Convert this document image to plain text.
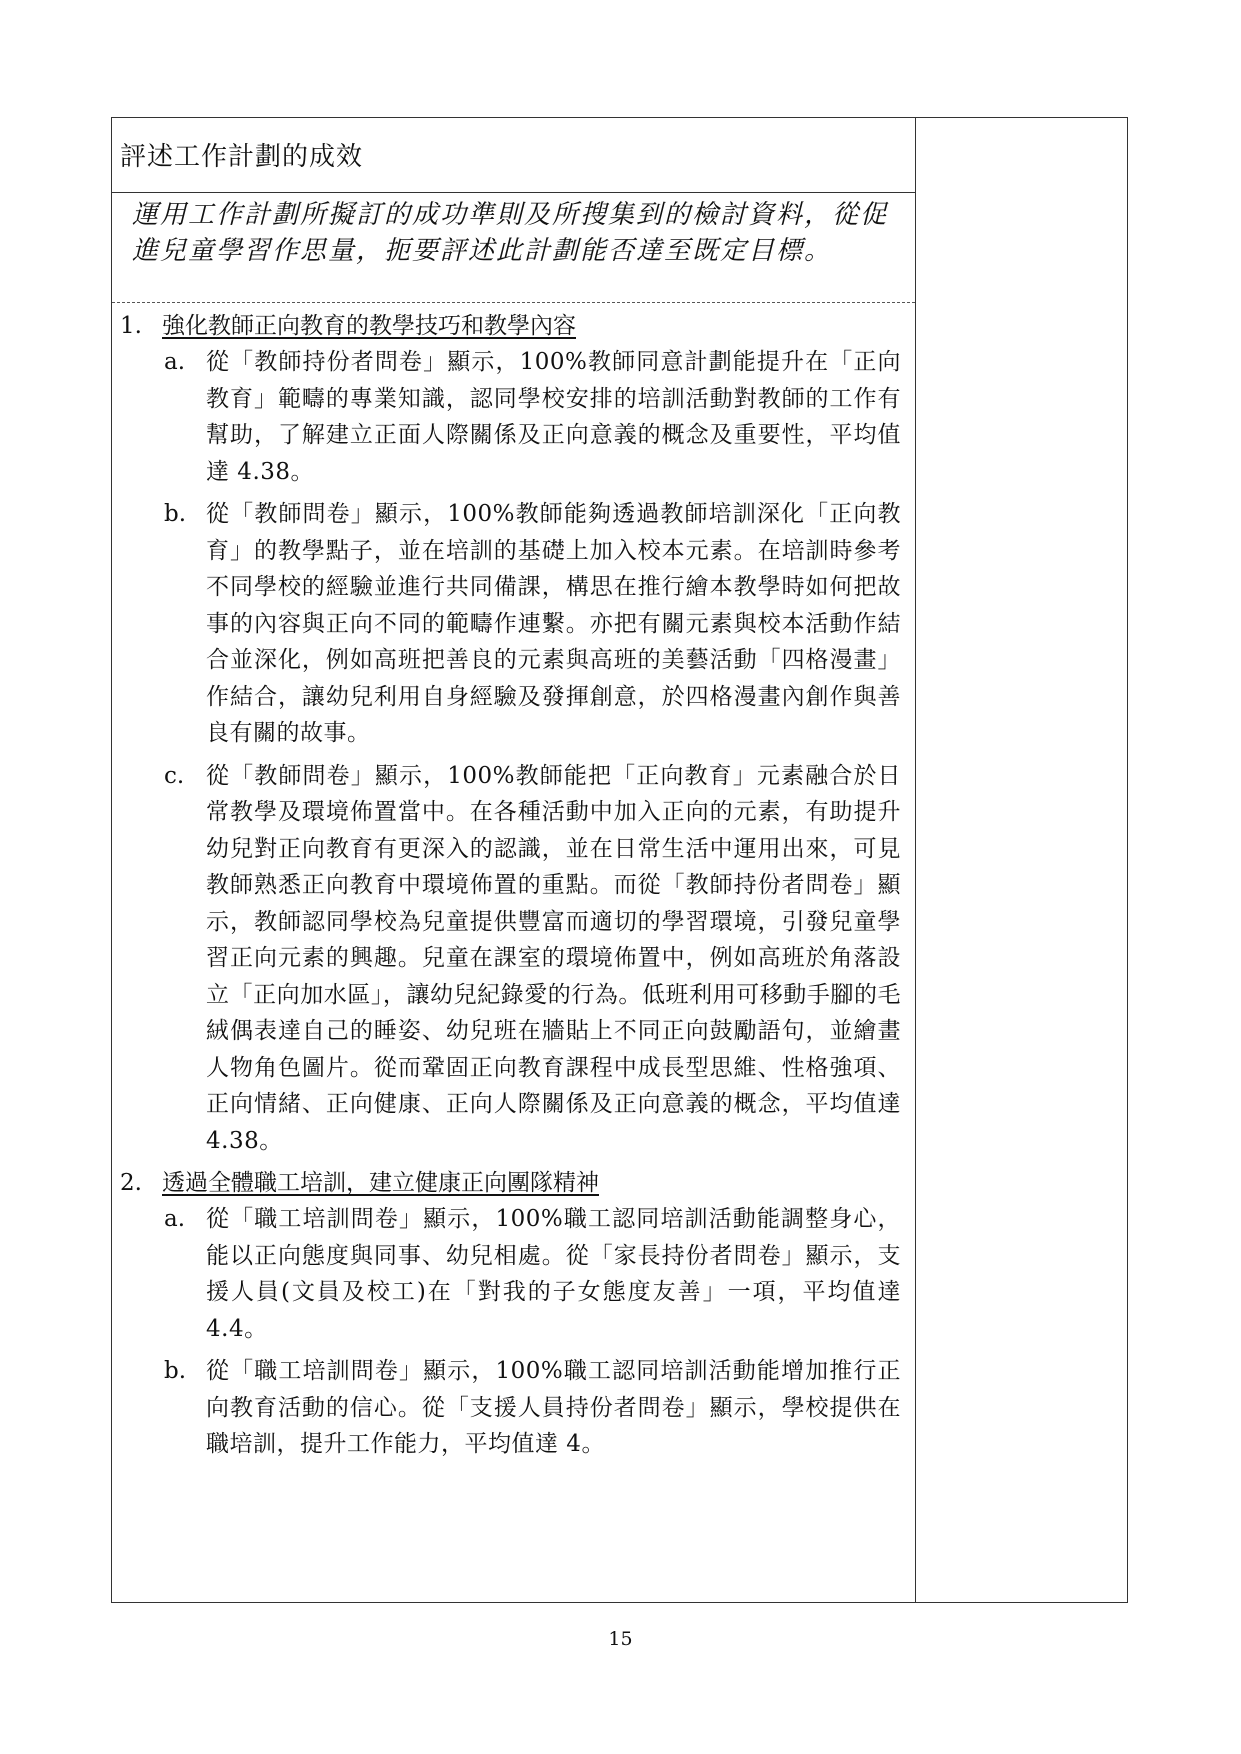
評述工作計劃的成效
運用工作計劃所擬訂的成功準則及所搜集到的檢討資料，從促進兒童學習作思量，扼要評述此計劃能否達至既定目標。
1. 強化教師正向教育的教學技巧和教學內容
a. 從「教師持份者問卷」顯示，100%教師同意計劃能提升在「正向教育」範疇的專業知識，認同學校安排的培訓活動對教師的工作有幫助，了解建立正面人際關係及正向意義的概念及重要性，平均值達 4.38。
b. 從「教師問卷」顯示，100%教師能夠透過教師培訓深化「正向教育」的教學點子，並在培訓的基礎上加入校本元素。在培訓時參考不同學校的經驗並進行共同備課，構思在推行繪本教學時如何把故事的內容與正向不同的範疇作連繫。亦把有關元素與校本活動作結合並深化，例如高班把善良的元素與高班的美藝活動「四格漫畫」作結合，讓幼兒利用自身經驗及發揮創意，於四格漫畫內創作與善良有關的故事。
c. 從「教師問卷」顯示，100%教師能把「正向教育」元素融合於日常教學及環境佈置當中。在各種活動中加入正向的元素，有助提升幼兒對正向教育有更深入的認識，並在日常生活中運用出來，可見教師熟悉正向教育中環境佈置的重點。而從「教師持份者問卷」顯示，教師認同學校為兒童提供豐富而適切的學習環境，引發兒童學習正向元素的興趣。兒童在課室的環境佈置中，例如高班於角落設立「正向加水區」，讓幼兒紀錄愛的行為。低班利用可移動手腳的毛絨偶表達自己的睡姿、幼兒班在牆貼上不同正向鼓勵語句，並繪畫人物角色圖片。從而鞏固正向教育課程中成長型思維、性格強項、正向情緒、正向健康、正向人際關係及正向意義的概念，平均值達 4.38。
2. 透過全體職工培訓，建立健康正向團隊精神
a. 從「職工培訓問卷」顯示，100%職工認同培訓活動能調整身心，能以正向態度與同事、幼兒相處。從「家長持份者問卷」顯示，支援人員(文員及校工)在「對我的子女態度友善」一項，平均值達 4.4。
b. 從「職工培訓問卷」顯示，100%職工認同培訓活動能增加推行正向教育活動的信心。從「支援人員持份者問卷」顯示，學校提供在職培訓，提升工作能力，平均值達 4。
15
